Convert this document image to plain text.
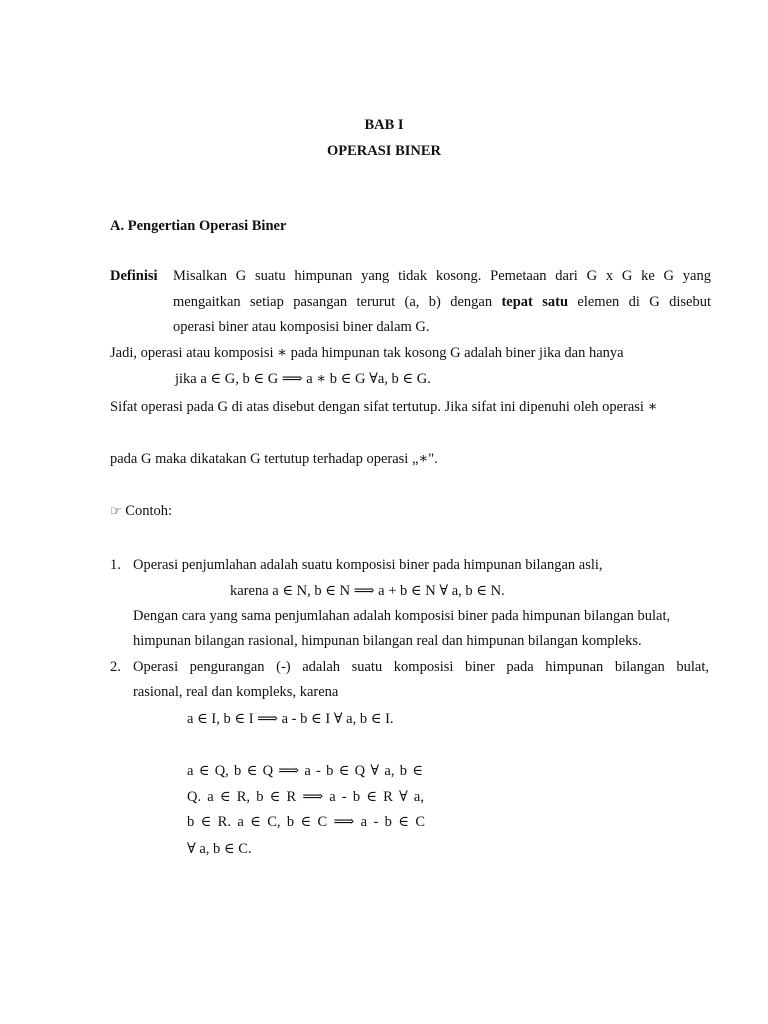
BAB I
OPERASI BINER
A. Pengertian Operasi Biner
Definisi Misalkan G suatu himpunan yang tidak kosong. Pemetaan dari G x G ke G yang
mengaitkan setiap pasangan terurut (a, b) dengan tepat satu elemen di G disebut
operasi biner atau komposisi biner dalam G.
Jadi, operasi atau komposisi ∗ pada himpunan tak kosong G adalah biner jika dan hanya
jika a ∈ G, b ∈ G ⟹ a ∗ b ∈ G ∀a, b ∈ G.
Sifat operasi pada G di atas disebut dengan sifat tertutup. Jika sifat ini dipenuhi oleh operasi ∗
pada G maka dikatakan G tertutup terhadap operasi „∗".
☞ Contoh:
1. Operasi penjumlahan adalah suatu komposisi biner pada himpunan bilangan asli,
karena a ∈ N, b ∈ N ⟹ a + b ∈ N ∀ a, b ∈ N.
Dengan cara yang sama penjumlahan adalah komposisi biner pada himpunan bilangan bulat,
himpunan bilangan rasional, himpunan bilangan real dan himpunan bilangan kompleks.
2. Operasi pengurangan (-) adalah suatu komposisi biner pada himpunan bilangan bulat,
rasional, real dan kompleks, karena
a ∈ I, b ∈ I ⟹ a - b ∈ I ∀ a, b ∈ I.
a ∈ Q, b ∈ Q ⟹ a - b ∈ Q ∀ a, b ∈
Q. a ∈ R, b ∈ R ⟹ a - b ∈ R ∀ a,
b ∈ R. a ∈ C, b ∈ C ⟹ a - b ∈ C
∀ a, b ∈ C.
